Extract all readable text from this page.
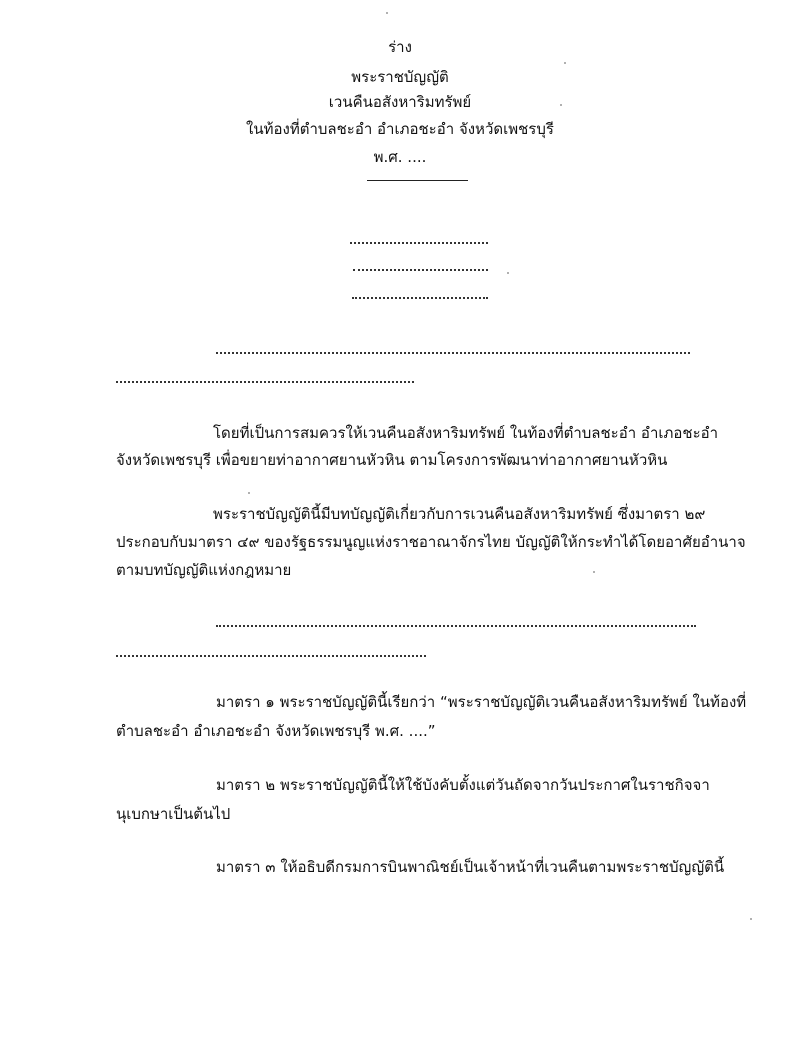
ร่าง
พระราชบัญญัติ
เวนคืนอสังหาริมทรัพย์
ในท้องที่ตำบลชะอำ อำเภอชะอำ จังหวัดเพชรบุรี
พ.ศ. ....
โดยที่เป็นการสมควรให้เวนคืนอสังหาริมทรัพย์ ในท้องที่ตำบลชะอำ อำเภอชะอำ
จังหวัดเพชรบุรี เพื่อขยายท่าอากาศยานหัวหิน ตามโครงการพัฒนาท่าอากาศยานหัวหิน
พระราชบัญญัตินี้มีบทบัญญัติเกี่ยวกับการเวนคืนอสังหาริมทรัพย์ ซึ่งมาตรา ๒๙
ประกอบกับมาตรา ๔๙ ของรัฐธรรมนูญแห่งราชอาณาจักรไทย บัญญัติให้กระทำได้โดยอาศัยอำนาจ
ตามบทบัญญัติแห่งกฎหมาย
มาตรา ๑ พระราชบัญญัตินี้เรียกว่า “พระราชบัญญัติเวนคืนอสังหาริมทรัพย์ ในท้องที่
ตำบลชะอำ อำเภอชะอำ จังหวัดเพชรบุรี พ.ศ. ....”
มาตรา ๒ พระราชบัญญัตินี้ให้ใช้บังคับตั้งแต่วันถัดจากวันประกาศในราชกิจจา
นุเบกษาเป็นต้นไป
มาตรา ๓ ให้อธิบดีกรมการบินพาณิชย์เป็นเจ้าหน้าที่เวนคืนตามพระราชบัญญัตินี้
